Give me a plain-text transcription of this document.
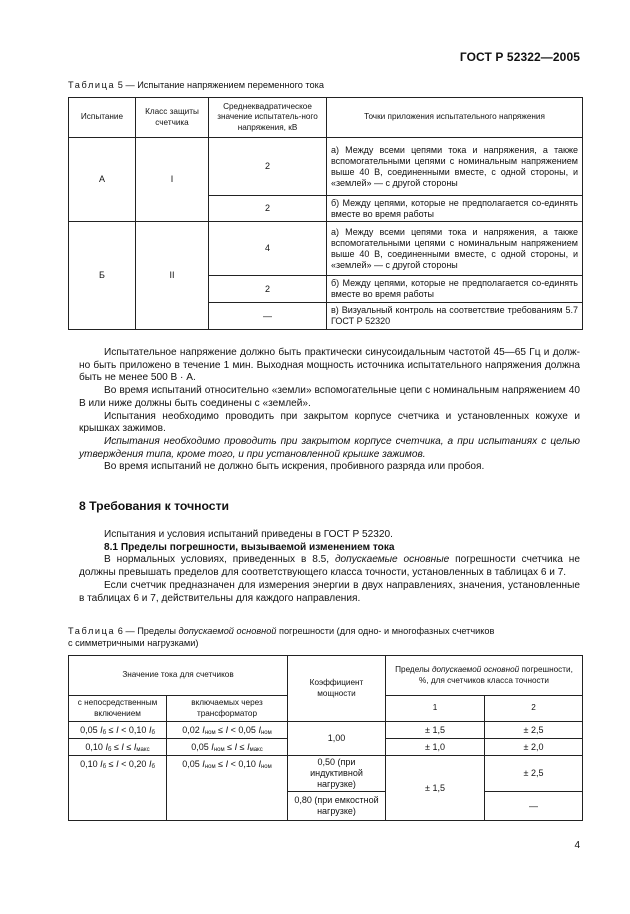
ГОСТ Р 52322—2005
Таблица 5 — Испытание напряжением переменного тока
Испытание	Класс защиты счетчика	Среднеквадратическое значение испытатель-ного напряжения, кВ	Точки приложения испытательного напряжения
А	I	2	а) Между всеми цепями тока и напряжения, а также вспомогательными цепями с номинальным напряжением выше 40 В, соединенными вместе, с одной стороны, и «землей» — с другой стороны
		2	б) Между цепями, которые не предполагается со-единять вместе во время работы
Б	II	4	а) Между всеми цепями тока и напряжения, а также вспомогательными цепями с номинальным напряжением выше 40 В, соединенными вместе, с одной стороны, и «землей» — с другой стороны
		2	б) Между цепями, которые не предполагается со-единять вместе во время работы
		—	в) Визуальный контроль на соответствие требованиям 5.7 ГОСТ Р 52320

Испытательное напряжение должно быть практически синусоидальным частотой 45—65 Гц и долж-но быть приложено в течение 1 мин. Выходная мощность источника испытательного напряжения должна быть не менее 500 В · А.

Во время испытаний относительно «земли» вспомогательные цепи с номинальным напряжением 40 В или ниже должны быть соединены с «землей».

Испытания необходимо проводить при закрытом корпусе счетчика и установленных кожухе и крышках зажимов.

Испытания необходимо проводить при закрытом корпусе счетчика, а при испытаниях с целью утверждения типа, кроме того, и при установленной крышке зажимов.

Во время испытаний не должно быть искрения, пробивного разряда или пробоя.

8 Требования к точности

Испытания и условия испытаний приведены в ГОСТ Р 52320.

8.1 Пределы погрешности, вызываемой изменением тока

В нормальных условиях, приведенных в 8.5, допускаемые основные погрешности счетчика не должны превышать пределов для соответствующего класса точности, установленных в таблицах 6 и 7.

Если счетчик предназначен для измерения энергии в двух направлениях, значения, установленные в таблицах 6 и 7, действительны для каждого направления.

Таблица 6 — Пределы допускаемой основной погрешности (для одно- и многофазных счетчиков
с симметричными нагрузками)
Значение тока для счетчиков		Коэффициент мощности	Пределы допускаемой основной погрешности, %, для счетчиков класса точности	
с непосредственным включением	включаемых через трансформатор		1	2
0,05 $I_б \le I < 0,10$ $I_б$	0,02 $I_{ном} \le I < 0,05$ $I_{ном}$	1,00	± 1,5	± 2,5
0,10 $I_б \le I \le I_{макс}$	0,05 $I_{ном} \le I \le I_{макс}$		± 1,0	± 2,0
0,10 $I_б \le I < 0,20$ $I_б$	0,05 $I_{ном} \le I < 0,10$ $I_{ном}$	0,50 (при индуктивной нагрузке)	± 1,5	± 2,5
		0,80 (при емкостной нагрузке)		—
4
